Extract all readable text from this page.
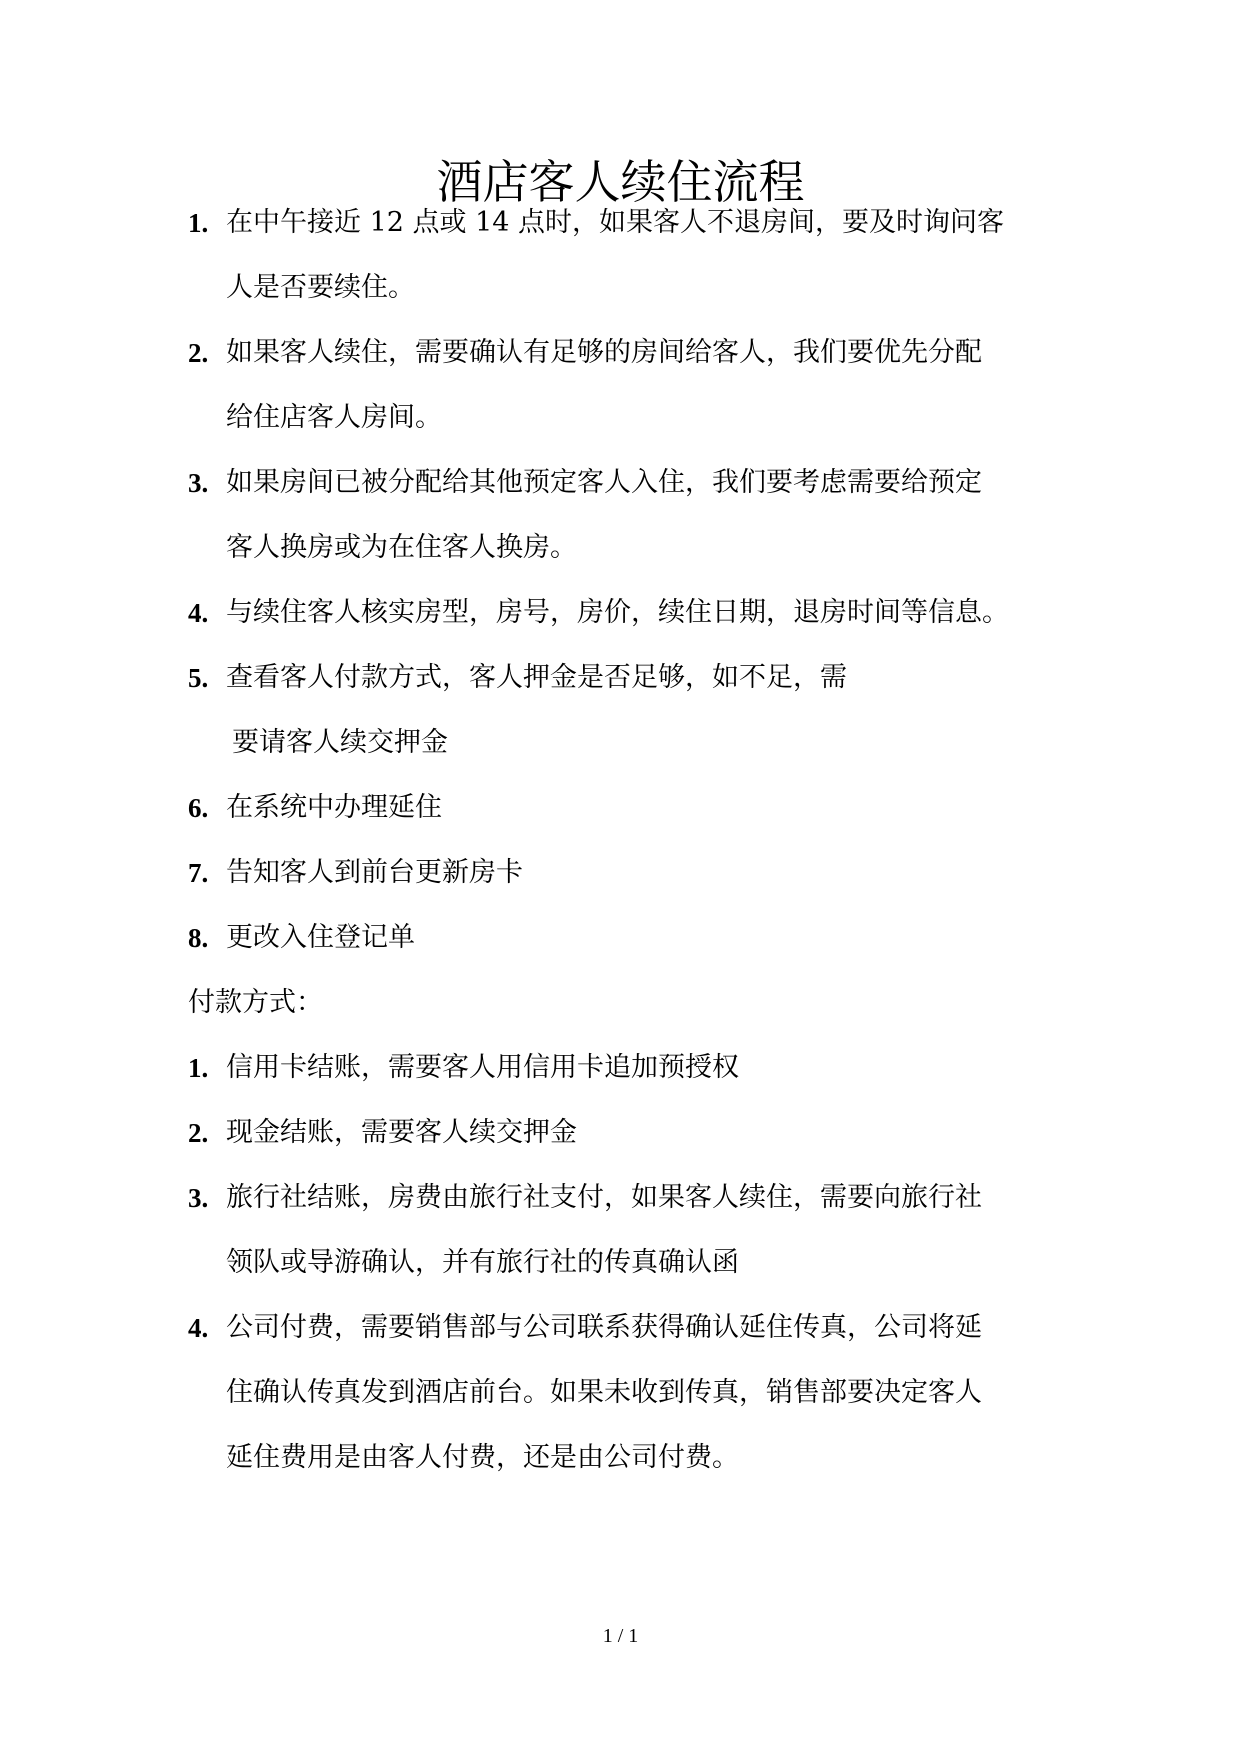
酒店客人续住流程
1. 在中午接近 12 点或 14 点时，如果客人不退房间，要及时询问客
人是否要续住。
2. 如果客人续住，需要确认有足够的房间给客人，我们要优先分配
给住店客人房间。
3. 如果房间已被分配给其他预定客人入住，我们要考虑需要给预定
客人换房或为在住客人换房。
4. 与续住客人核实房型，房号，房价，续住日期，退房时间等信息。
5. 查看客人付款方式，客人押金是否足够，如不足，需
要请客人续交押金
6. 在系统中办理延住
7. 告知客人到前台更新房卡
8. 更改入住登记单
付款方式：
1. 信用卡结账，需要客人用信用卡追加预授权
2. 现金结账，需要客人续交押金
3. 旅行社结账，房费由旅行社支付，如果客人续住，需要向旅行社
领队或导游确认，并有旅行社的传真确认函
4. 公司付费，需要销售部与公司联系获得确认延住传真，公司将延
住确认传真发到酒店前台。如果未收到传真，销售部要决定客人
延住费用是由客人付费，还是由公司付费。
1 / 1
